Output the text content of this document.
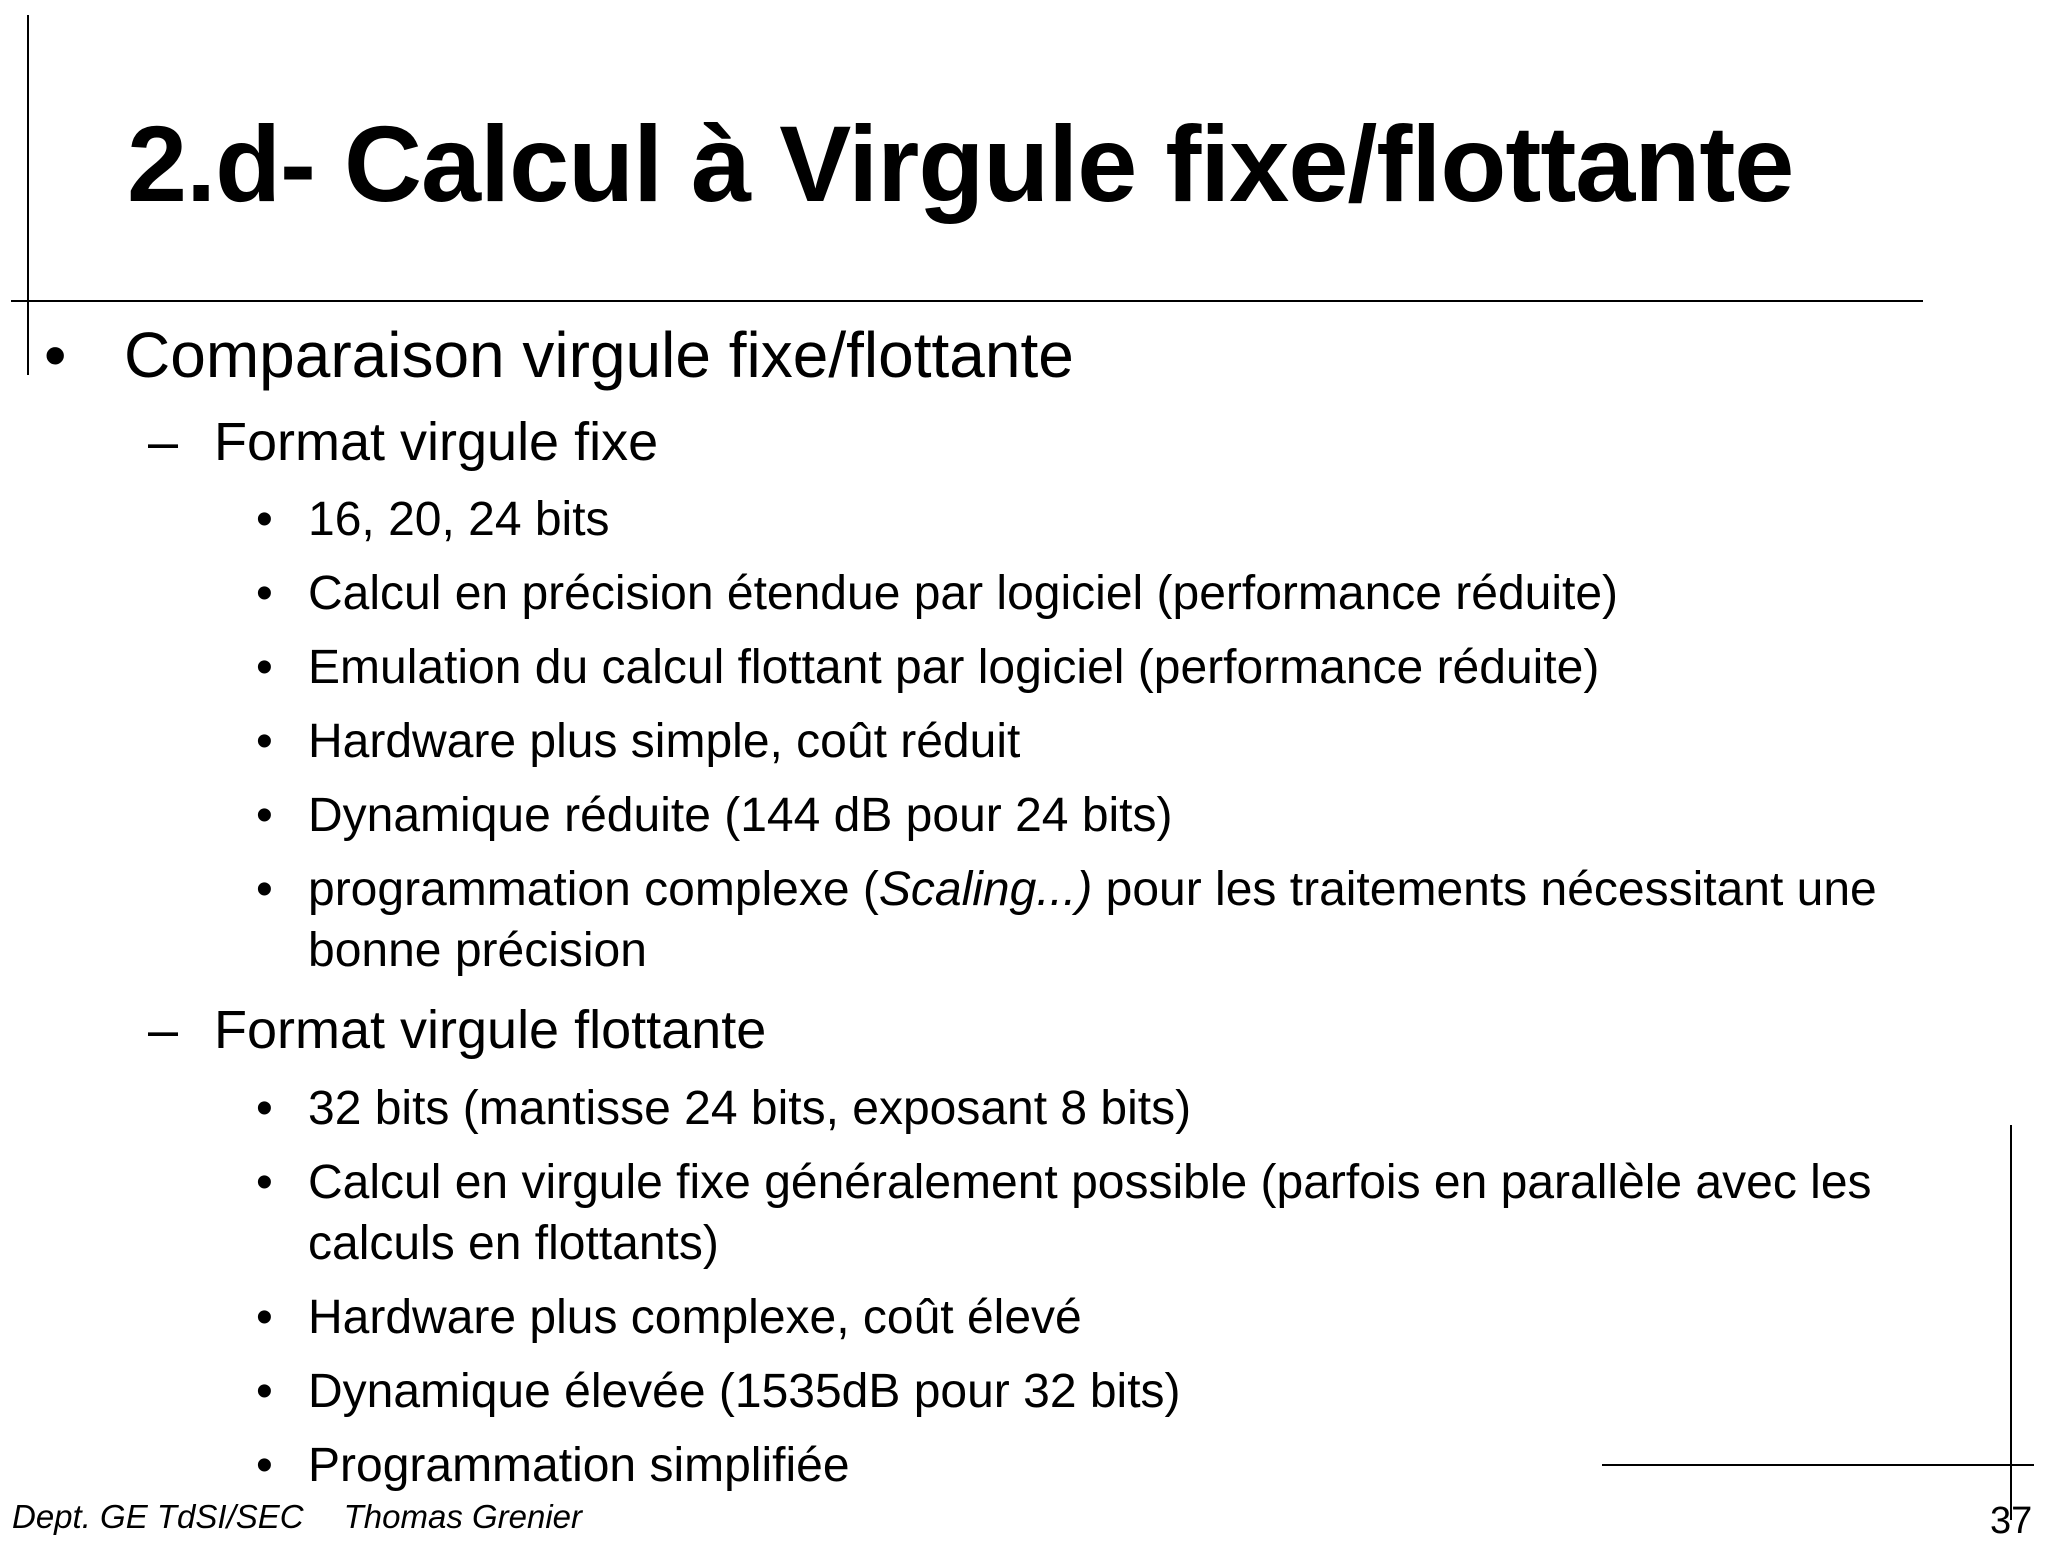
2.d- Calcul à Virgule fixe/flottante
• Comparaison virgule fixe/flottante
– Format virgule fixe
• 16, 20, 24 bits
• Calcul en précision étendue par logiciel (performance réduite)
• Emulation du calcul flottant par logiciel (performance réduite)
• Hardware plus simple, coût réduit
• Dynamique réduite (144 dB pour 24 bits)
• programmation complexe (Scaling...) pour les traitements nécessitant une
bonne précision
– Format virgule flottante
• 32 bits (mantisse 24 bits, exposant 8 bits)
• Calcul en virgule fixe généralement possible (parfois en parallèle avec les
calculs en flottants)
• Hardware plus complexe, coût élevé
• Dynamique élevée (1535dB pour 32 bits)
• Programmation simplifiée
Dept. GE TdSI/SEC Thomas Grenier	37
